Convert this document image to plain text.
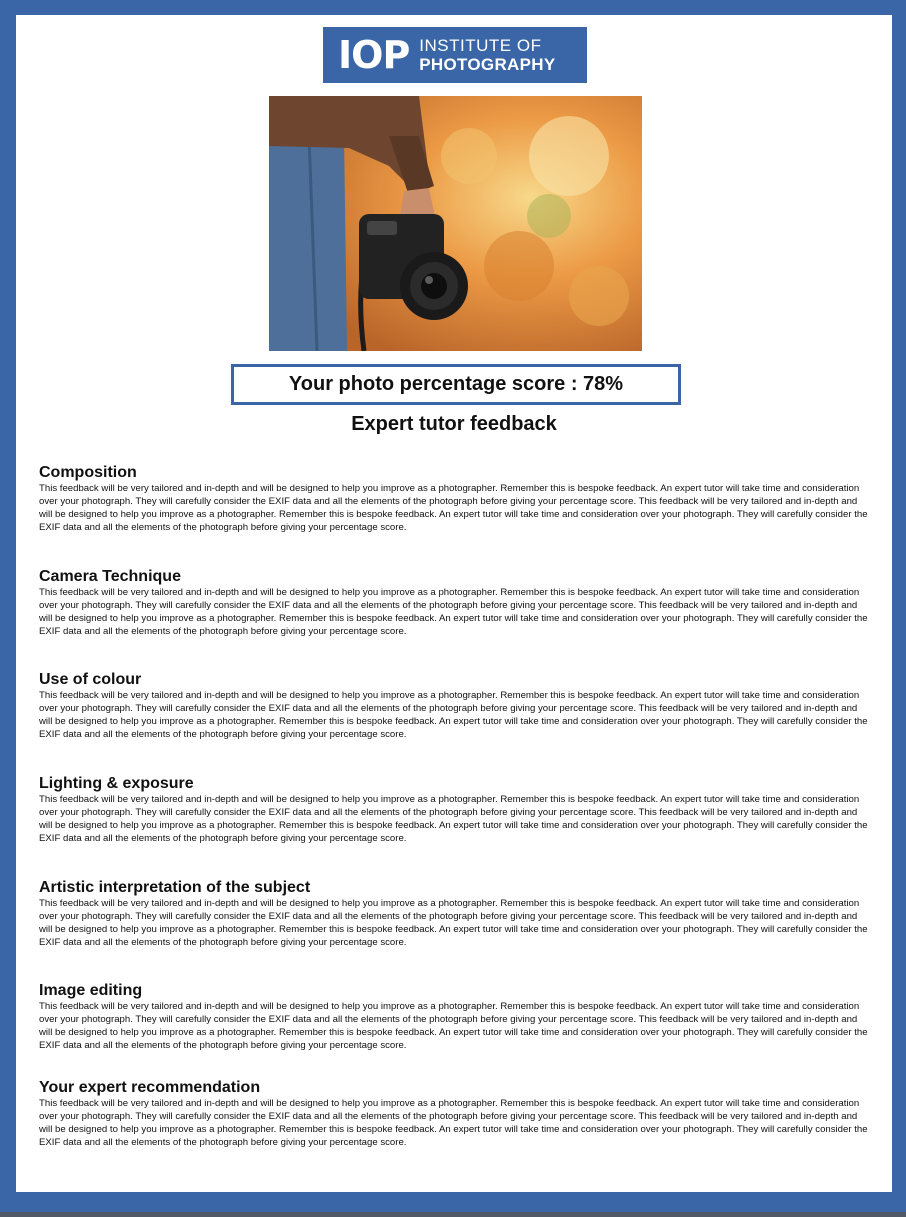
IOP INSTITUTE OF
PHOTOGRAPHY
Your photo percentage score : 78%
Expert tutor feedback
Composition

This feedback will be very tailored and in-depth and will be designed to help you improve as a photographer. Remember this is bespoke feedback. An expert tutor will take time and consideration over your photograph. They will carefully consider the EXIF data and all the elements of the photograph before giving your percentage score. This feedback will be very tailored and in-depth and will be designed to help you improve as a photographer. Remember this is bespoke feedback. An expert tutor will take time and consideration over your photograph. They will carefully consider the EXIF data and all the elements of the photograph before giving your percentage score.

Camera Technique

This feedback will be very tailored and in-depth and will be designed to help you improve as a photographer. Remember this is bespoke feedback. An expert tutor will take time and consideration over your photograph. They will carefully consider the EXIF data and all the elements of the photograph before giving your percentage score. This feedback will be very tailored and in-depth and will be designed to help you improve as a photographer. Remember this is bespoke feedback. An expert tutor will take time and consideration over your photograph. They will carefully consider the EXIF data and all the elements of the photograph before giving your percentage score.

Use of colour

This feedback will be very tailored and in-depth and will be designed to help you improve as a photographer. Remember this is bespoke feedback. An expert tutor will take time and consideration over your photograph. They will carefully consider the EXIF data and all the elements of the photograph before giving your percentage score. This feedback will be very tailored and in-depth and will be designed to help you improve as a photographer. Remember this is bespoke feedback. An expert tutor will take time and consideration over your photograph. They will carefully consider the EXIF data and all the elements of the photograph before giving your percentage score.

Lighting & exposure

This feedback will be very tailored and in-depth and will be designed to help you improve as a photographer. Remember this is bespoke feedback. An expert tutor will take time and consideration over your photograph. They will carefully consider the EXIF data and all the elements of the photograph before giving your percentage score. This feedback will be very tailored and in-depth and will be designed to help you improve as a photographer. Remember this is bespoke feedback. An expert tutor will take time and consideration over your photograph. They will carefully consider the EXIF data and all the elements of the photograph before giving your percentage score.

Artistic interpretation of the subject

This feedback will be very tailored and in-depth and will be designed to help you improve as a photographer. Remember this is bespoke feedback. An expert tutor will take time and consideration over your photograph. They will carefully consider the EXIF data and all the elements of the photograph before giving your percentage score. This feedback will be very tailored and in-depth and will be designed to help you improve as a photographer. Remember this is bespoke feedback. An expert tutor will take time and consideration over your photograph. They will carefully consider the EXIF data and all the elements of the photograph before giving your percentage score.

Image editing

This feedback will be very tailored and in-depth and will be designed to help you improve as a photographer. Remember this is bespoke feedback. An expert tutor will take time and consideration over your photograph. They will carefully consider the EXIF data and all the elements of the photograph before giving your percentage score. This feedback will be very tailored and in-depth and will be designed to help you improve as a photographer. Remember this is bespoke feedback. An expert tutor will take time and consideration over your photograph. They will carefully consider the EXIF data and all the elements of the photograph before giving your percentage score.

Your expert recommendation

This feedback will be very tailored and in-depth and will be designed to help you improve as a photographer. Remember this is bespoke feedback. An expert tutor will take time and consideration over your photograph. They will carefully consider the EXIF data and all the elements of the photograph before giving your percentage score. This feedback will be very tailored and in-depth and will be designed to help you improve as a photographer. Remember this is bespoke feedback. An expert tutor will take time and consideration over your photograph. They will carefully consider the EXIF data and all the elements of the photograph before giving your percentage score.
